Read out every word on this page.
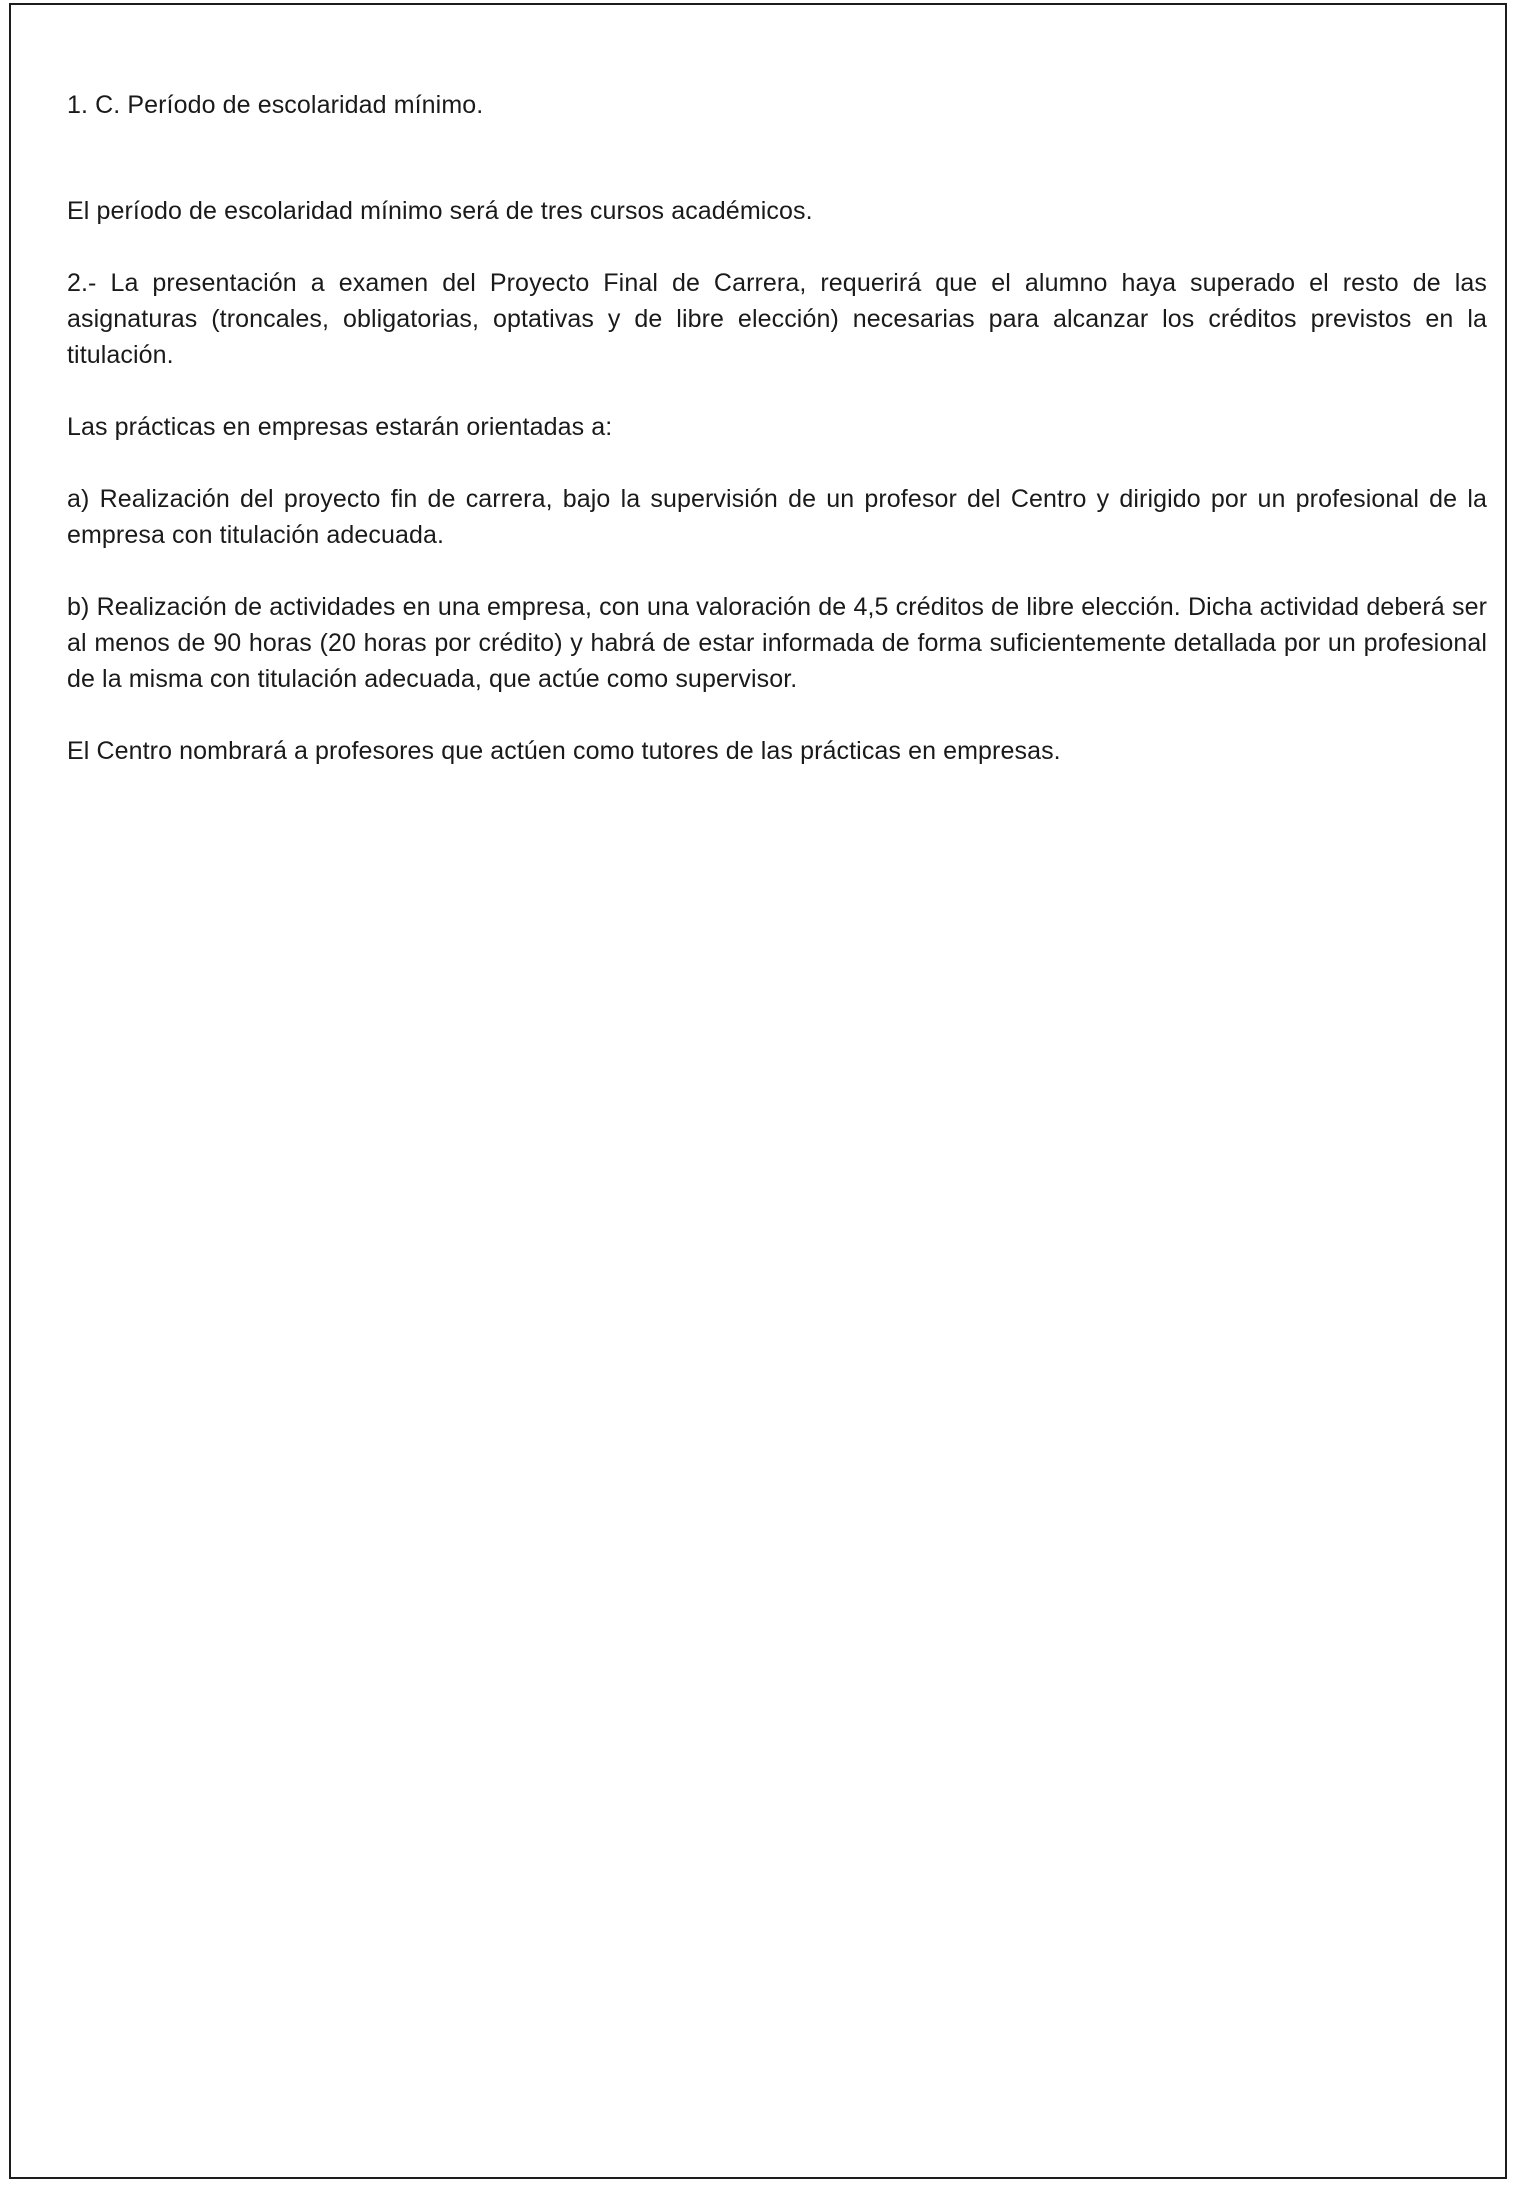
1. C. Período de escolaridad mínimo.

El período de escolaridad mínimo será de tres cursos académicos.

2.- La presentación a examen del Proyecto Final de Carrera, requerirá que el alumno haya superado el resto de las asignaturas (troncales, obligatorias, optativas y de libre elección) necesarias para alcanzar los créditos previstos en la titulación.

Las prácticas en empresas estarán orientadas a:

a) Realización del proyecto fin de carrera, bajo la supervisión de un profesor del Centro y dirigido por un profesional de la empresa con titulación adecuada.

b) Realización de actividades en una empresa, con una valoración de 4,5 créditos de libre elección. Dicha actividad deberá ser al menos de 90 horas (20 horas por crédito) y habrá de estar informada de forma suficientemente detallada por un profesional de la misma con titulación adecuada, que actúe como supervisor.

El Centro nombrará a profesores que actúen como tutores de las prácticas en empresas.
